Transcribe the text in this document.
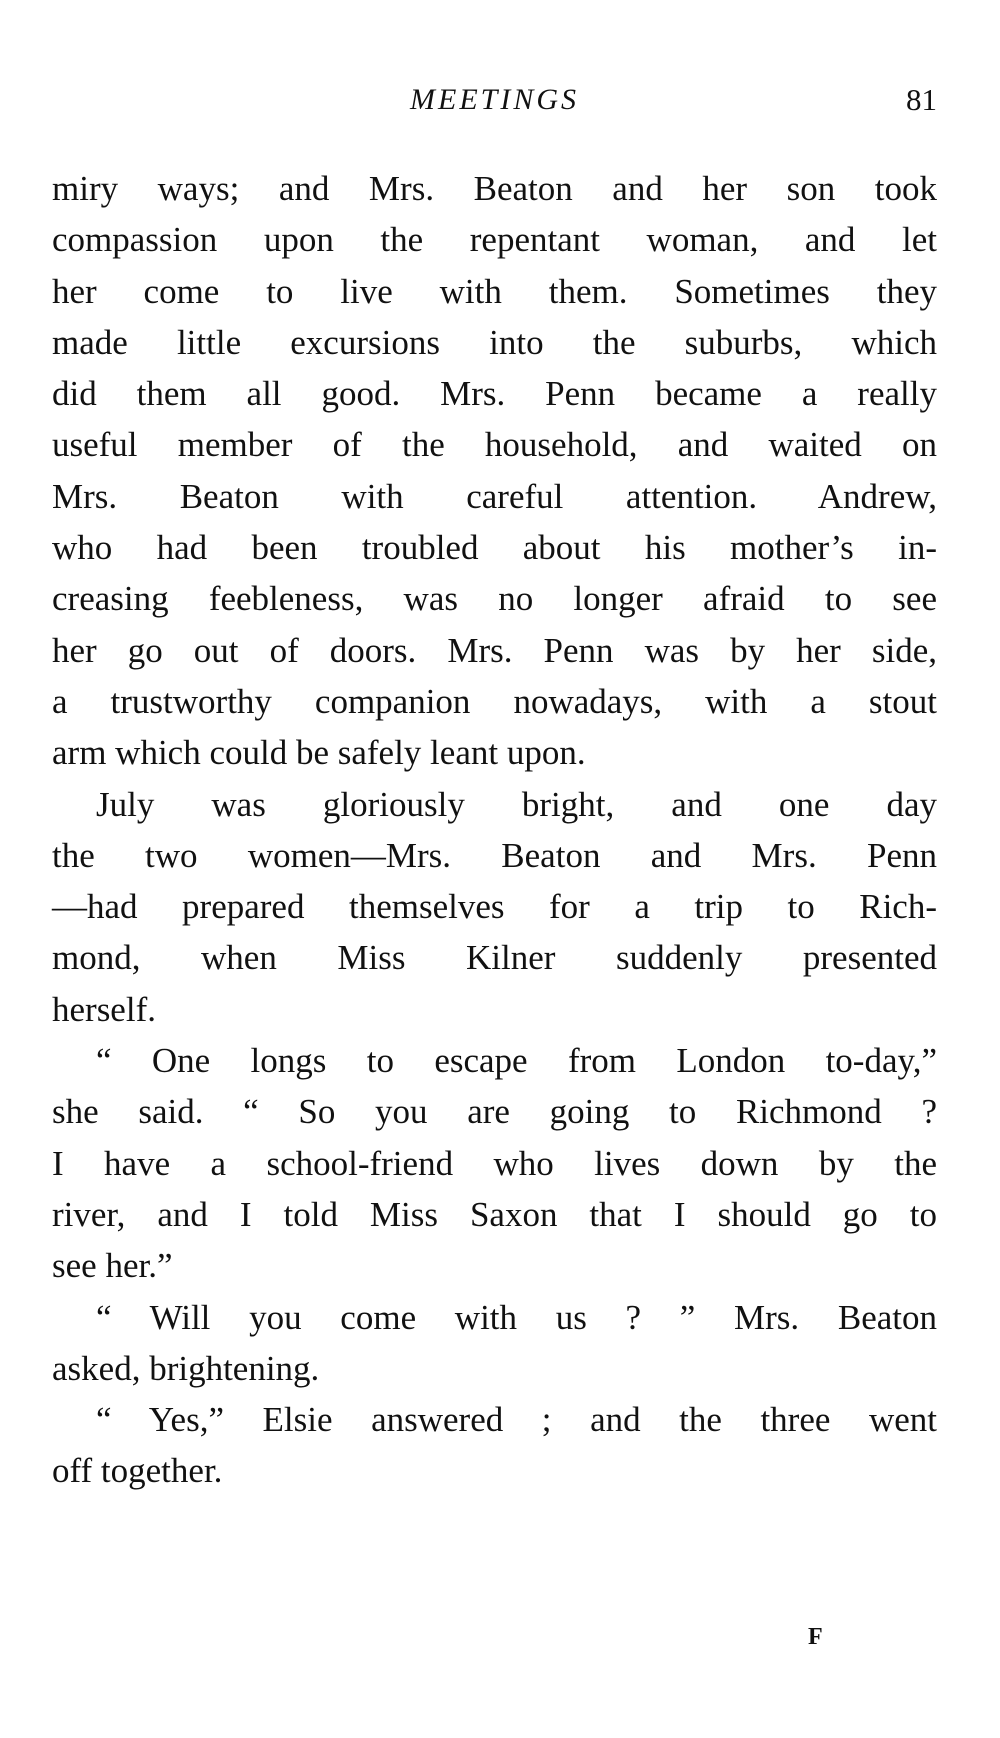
MEETINGS	81
miry ways; and Mrs. Beaton and her son took
compassion upon the repentant woman, and let
her come to live with them. Sometimes they
made little excursions into the suburbs, which
did them all good. Mrs. Penn became a really
useful member of the household, and waited on
Mrs. Beaton with careful attention. Andrew,
who had been troubled about his mother’s in-
creasing feebleness, was no longer afraid to see
her go out of doors. Mrs. Penn was by her side,
a trustworthy companion nowadays, with a stout
arm which could be safely leant upon.
July was gloriously bright, and one day
the two women—Mrs. Beaton and Mrs. Penn
—had prepared themselves for a trip to Rich-
mond, when Miss Kilner suddenly presented
herself.
“ One longs to escape from London to-day,”
she said. “ So you are going to Richmond ?
I have a school-friend who lives down by the
river, and I told Miss Saxon that I should go to
see her.”
“ Will you come with us ? ” Mrs. Beaton
asked, brightening.
“ Yes,” Elsie answered ; and the three went
off together.
F
